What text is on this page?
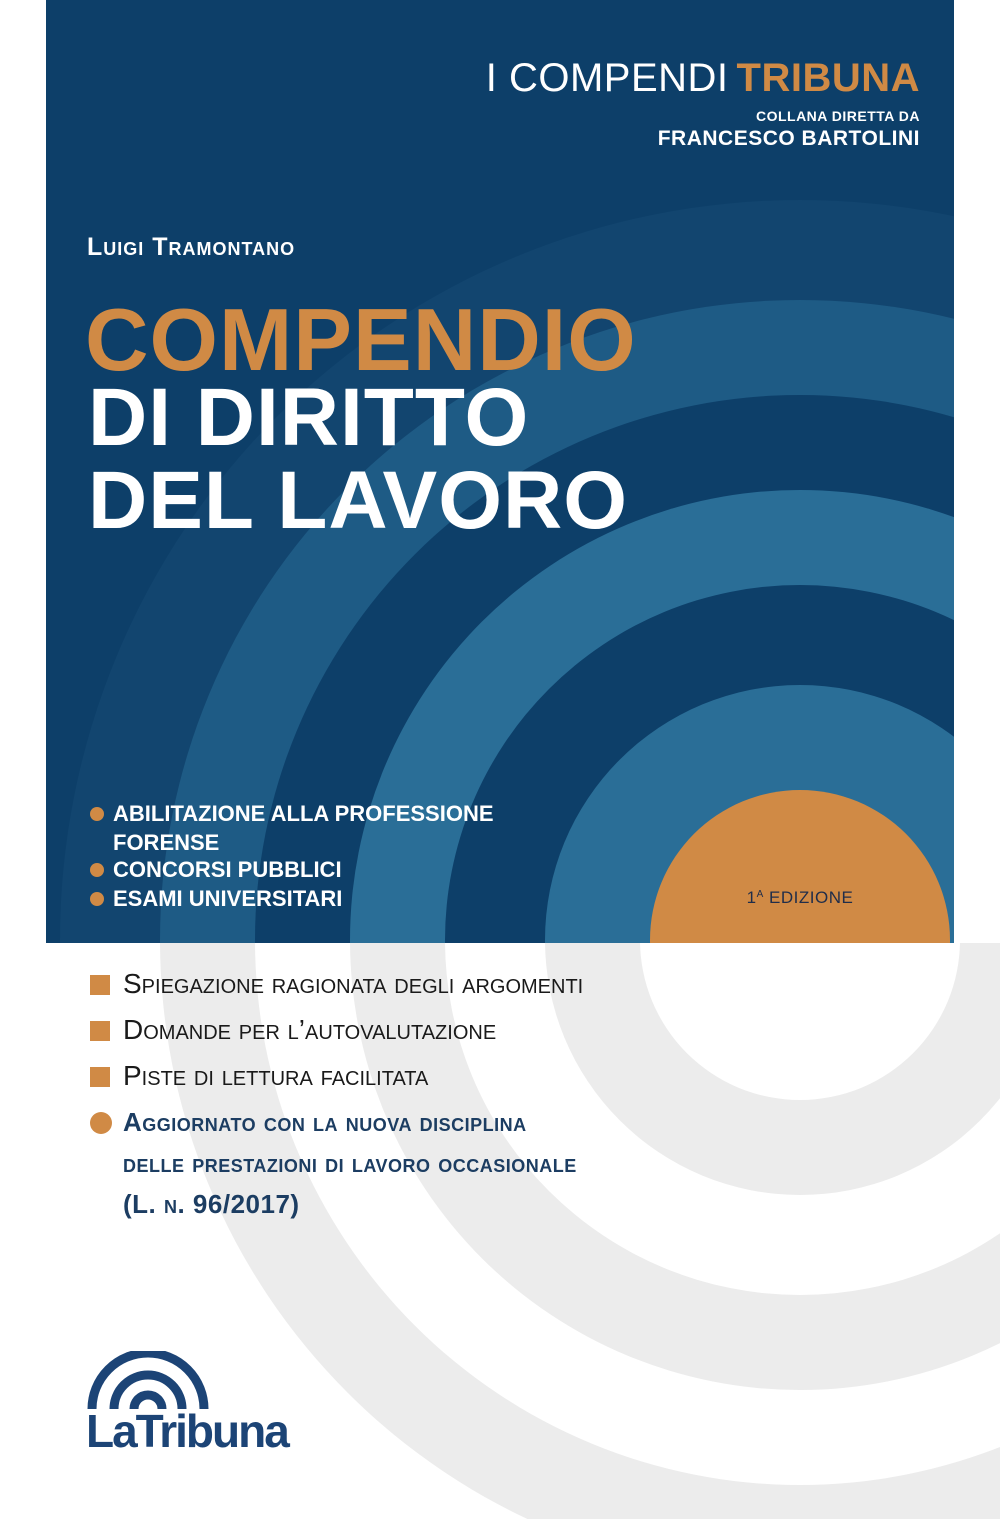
I COMPENDI TRIBUNA
COLLANA DIRETTA DA
FRANCESCO BARTOLINI
Luigi Tramontano
COMPENDIO
DI DIRITTO
DEL LAVORO
ABILITAZIONE ALLA PROFESSIONE
FORENSE
CONCORSI PUBBLICI
ESAMI UNIVERSITARI	$1^A$ EDIZIONE
Spiegazione ragionata degli argomenti
Domande per l’autovalutazione
Piste di lettura facilitata
Aggiornato con la nuova disciplina
delle prestazioni di lavoro occasionale
(L. n. 96/2017)
LaTribuna
